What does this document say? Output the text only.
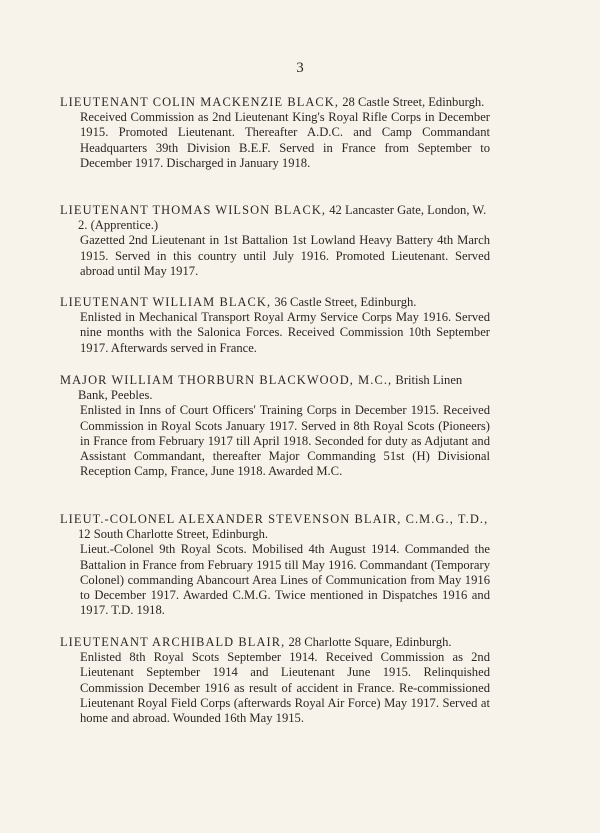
3
LIEUTENANT COLIN MACKENZIE BLACK, 28 Castle Street, Edinburgh.
Received Commission as 2nd Lieutenant King's Royal Rifle Corps in December 1915. Promoted Lieutenant. Thereafter A.D.C. and Camp Commandant Headquarters 39th Division B.E.F. Served in France from September to December 1917. Discharged in January 1918.
LIEUTENANT THOMAS WILSON BLACK, 42 Lancaster Gate, London, W. 2. (Apprentice.)
Gazetted 2nd Lieutenant in 1st Battalion 1st Lowland Heavy Battery 4th March 1915. Served in this country until July 1916. Promoted Lieutenant. Served abroad until May 1917.
LIEUTENANT WILLIAM BLACK, 36 Castle Street, Edinburgh.
Enlisted in Mechanical Transport Royal Army Service Corps May 1916. Served nine months with the Salonica Forces. Received Commission 10th September 1917. Afterwards served in France.
MAJOR WILLIAM THORBURN BLACKWOOD, M.C., British Linen Bank, Peebles.
Enlisted in Inns of Court Officers' Training Corps in December 1915. Received Commission in Royal Scots January 1917. Served in 8th Royal Scots (Pioneers) in France from February 1917 till April 1918. Seconded for duty as Adjutant and Assistant Commandant, thereafter Major Commanding 51st (H) Divisional Reception Camp, France, June 1918. Awarded M.C.
LIEUT.-COLONEL ALEXANDER STEVENSON BLAIR, C.M.G., T.D., 12 South Charlotte Street, Edinburgh.
Lieut.-Colonel 9th Royal Scots. Mobilised 4th August 1914. Commanded the Battalion in France from February 1915 till May 1916. Commandant (Temporary Colonel) commanding Abancourt Area Lines of Communication from May 1916 to December 1917. Awarded C.M.G. Twice mentioned in Dispatches 1916 and 1917. T.D. 1918.
LIEUTENANT ARCHIBALD BLAIR, 28 Charlotte Square, Edinburgh.
Enlisted 8th Royal Scots September 1914. Received Commission as 2nd Lieutenant September 1914 and Lieutenant June 1915. Relinquished Commission December 1916 as result of accident in France. Re-commissioned Lieutenant Royal Field Corps (afterwards Royal Air Force) May 1917. Served at home and abroad. Wounded 16th May 1915.
